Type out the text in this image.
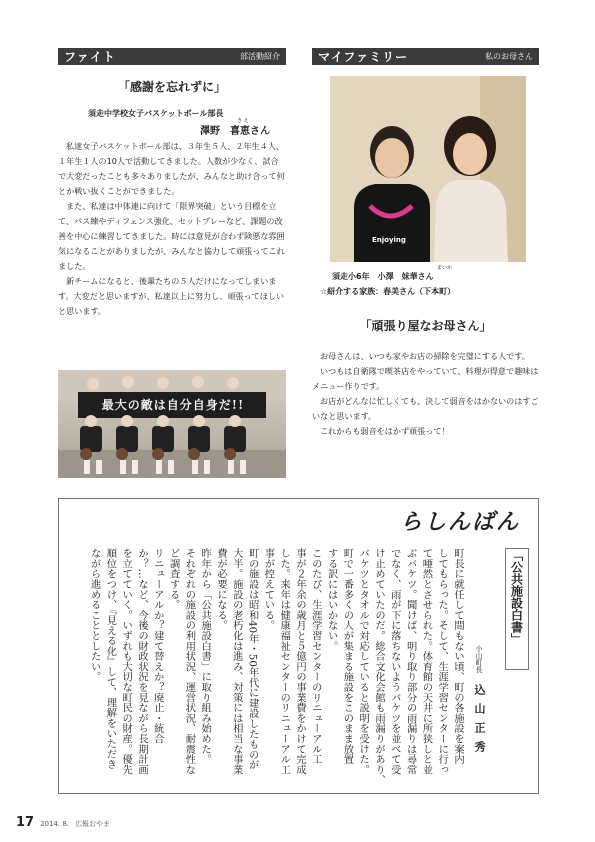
ファイト	部活動紹介
「感謝を忘れずに」
須走中学校女子バスケットボール部長
き え
澤野　喜恵さん

私達女子バスケットボール部は、３年生５人、２年生４人、１年生１人の10人で活動してきました。人数が少なく、試合で大変だったことも多々ありましたが、みんなと助け合って何とか戦い抜くことができました。

また、私達は中体連に向けて「限界突破」という目標を立て、パス練やディフェンス強化、セットプレーなど、課題の改善を中心に練習してきました。時には意見が合わず険悪な雰囲気になることがありましたが、みんなと協力して頑張ってこれました。

新チームになると、後輩たちの５人だけになってしまいます。大変だと思いますが、私達以上に努力し、頑張ってほしいと思います。

最大の敵は自分自身だ!!
マイファミリー	私のお母さん
Enjoying
まいか
須走小6年　小澤　妹華さん
☆紹介する家族：春美さん（下本町）
「頑張り屋なお母さん」

お母さんは、いつも家やお店の掃除を完璧にする人です。

いつもは自衛隊で喫茶店をやっていて、料理が得意で趣味はメニュー作りです。

お店がどんなに忙しくても、決して弱音をはかないのはすごいなと思います。

これからも弱音をはかず頑張って！

らしんばん
「公共施設白書」
小山町長 込山正秀
町長に就任して間もない頃、町の各施設を案内
してもらった。そして、生涯学習センターに行っ
て唖然とさせられた。体育館の天井に所狭しと並
ぶバケツ。聞けば、明り取り部分の雨漏りは尋常
でなく、雨が下に落ちないようバケツを並べて受
け止めていたのだ。総合文化会館も雨漏りがあり、
バケツとタオルで対応していると説明を受けた。
町で一番多くの人が集まる施設をこのまま放置
する訳にはいかない。
このたび、生涯学習センターのリニューアル工
事が２年余の歳月と５億円の事業費をかけて完成
した。来年は健康福祉センターのリニューアル工
事が控えている。
町の施設は昭和40年・50年代に建設したものが
大半。施設の老朽化は進み、対策には相当な事業
費が必要になる。
昨年から「公共施設白書」に取り組み始めた。
それぞれの施設の利用状況、運営状況、耐震性な
ど調査する。
リニューアルか？建て替えか？廃止・統合
か？…など、今後の財政状況を見ながら長期計画
を立てていく。いずれも大切な町民の財産。優先
順位をつけ、『見える化』して、理解をいただき
ながら進めることとしたい。
17 2014. 8. 広報おやま
